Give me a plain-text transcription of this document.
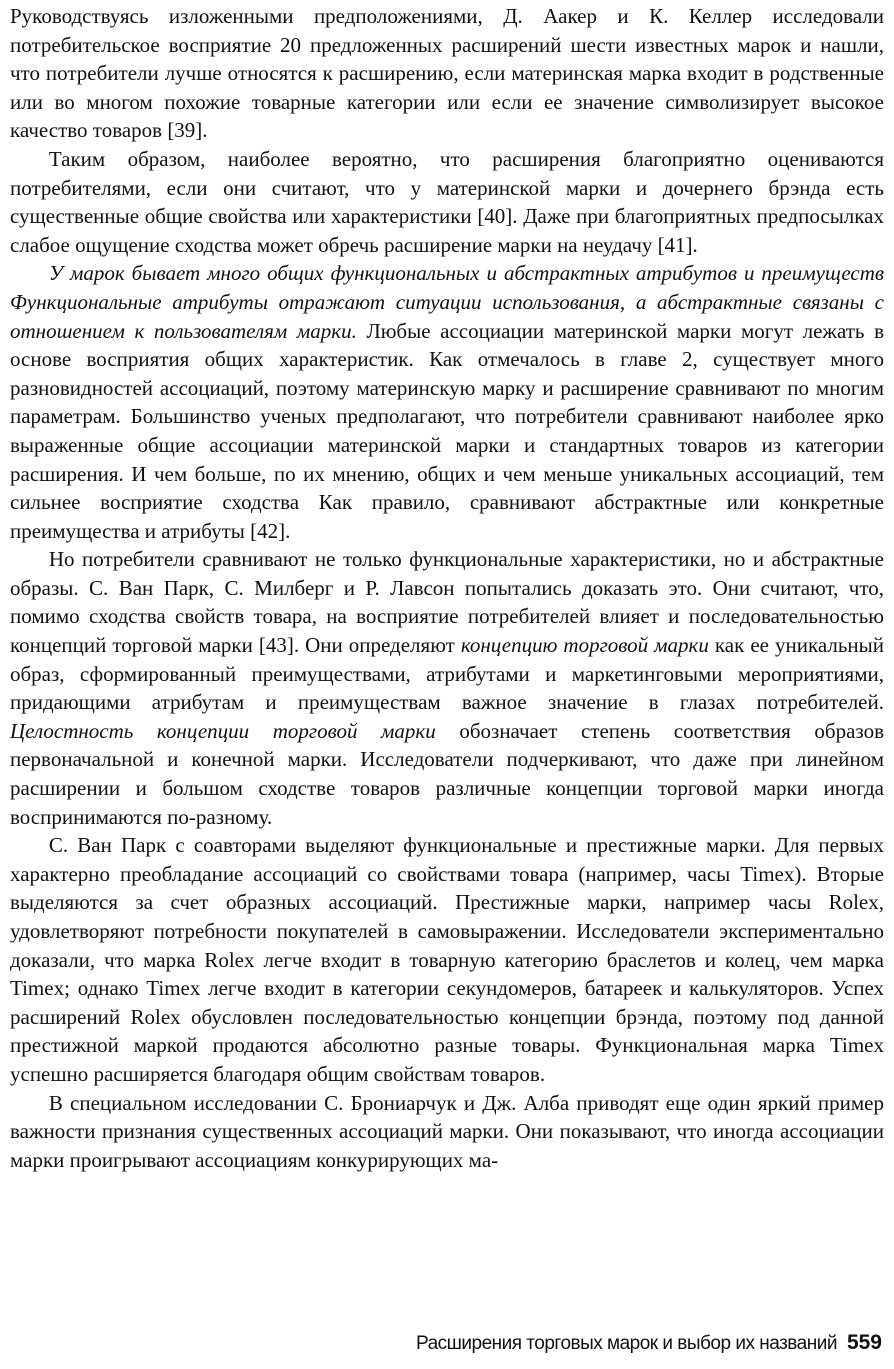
Руководствуясь изложенными предположениями, Д. Аакер и К. Келлер исследовали потребительское восприятие 20 предложенных расширений шести известных марок и нашли, что потребители лучше относятся к расширению, если материнская марка входит в родственные или во многом похожие товарные категории или если ее значение символизирует высокое качество товаров [39].

Таким образом, наиболее вероятно, что расширения благоприятно оцениваются потребителями, если они считают, что у материнской марки и дочернего брэнда есть существенные общие свойства или характеристики [40]. Даже при благоприятных предпосылках слабое ощущение сходства может обречь расширение марки на неудачу [41].

У марок бывает много общих функциональных и абстрактных атрибутов и преимуществ Функциональные атрибуты отражают ситуации использования, а абстрактные связаны с отношением к пользователям марки. Любые ассоциации материнской марки могут лежать в основе восприятия общих характеристик. Как отмечалось в главе 2, существует много разновидностей ассоциаций, поэтому материнскую марку и расширение сравнивают по многим параметрам. Большинство ученых предполагают, что потребители сравнивают наиболее ярко выраженные общие ассоциации материнской марки и стандартных товаров из категории расширения. И чем больше, по их мнению, общих и чем меньше уникальных ассоциаций, тем сильнее восприятие сходства Как правило, сравнивают абстрактные или конкретные преимущества и атрибуты [42].

Но потребители сравнивают не только функциональные характеристики, но и абстрактные образы. С. Ван Парк, С. Милберг и Р. Лавсон попытались доказать это. Они считают, что, помимо сходства свойств товара, на восприятие потребителей влияет и последовательностью концепций торговой марки [43]. Они определяют концепцию торговой марки как ее уникальный образ, сформированный преимуществами, атрибутами и маркетинговыми мероприятиями, придающими атрибутам и преимуществам важное значение в глазах потребителей. Целостность концепции торговой марки обозначает степень соответствия образов первоначальной и конечной марки. Исследователи подчеркивают, что даже при линейном расширении и большом сходстве товаров различные концепции торговой марки иногда воспринимаются по-разному.

С. Ван Парк с соавторами выделяют функциональные и престижные марки. Для первых характерно преобладание ассоциаций со свойствами товара (например, часы Timex). Вторые выделяются за счет образных ассоциаций. Престижные марки, например часы Rolex, удовлетворяют потребности покупателей в самовыражении. Исследователи экспериментально доказали, что марка Rolex легче входит в товарную категорию браслетов и колец, чем марка Timex; однако Timex легче входит в категории секундомеров, батареек и калькуляторов. Успех расширений Rolex обусловлен последовательностью концепции брэнда, поэтому под данной престижной маркой продаются абсолютно разные товары. Функциональная марка Timex успешно расширяется благодаря общим свойствам товаров.

В специальном исследовании С. Брониарчук и Дж. Алба приводят еще один яркий пример важности признания существенных ассоциаций марки. Они показывают, что иногда ассоциации марки проигрывают ассоциациям конкурирующих ма-

Расширения торговых марок и выбор их названий 559
